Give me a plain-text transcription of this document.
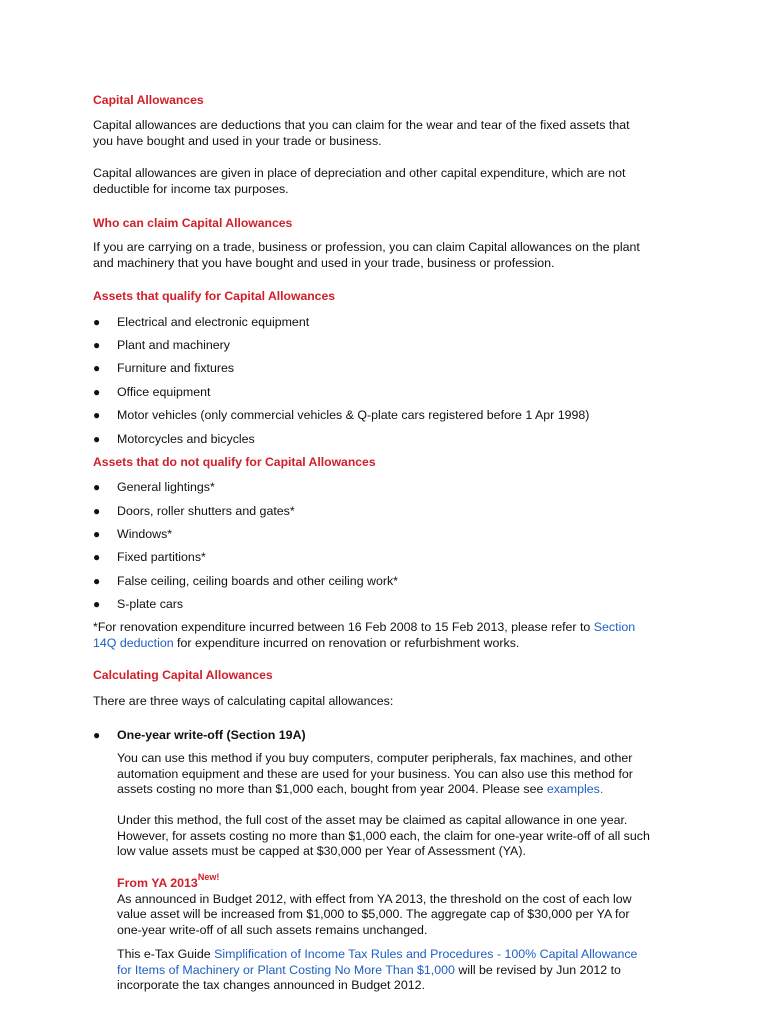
Capital Allowances
Capital allowances are deductions that you can claim for the wear and tear of the fixed assets that
you have bought and used in your trade or business.
Capital allowances are given in place of depreciation and other capital expenditure, which are not
deductible for income tax purposes.
Who can claim Capital Allowances
If you are carrying on a trade, business or profession, you can claim Capital allowances on the plant
and machinery that you have bought and used in your trade, business or profession.
Assets that qualify for Capital Allowances
● Electrical and electronic equipment
● Plant and machinery
● Furniture and fixtures
● Office equipment
● Motor vehicles (only commercial vehicles & Q-plate cars registered before 1 Apr 1998)
● Motorcycles and bicycles
Assets that do not qualify for Capital Allowances
● General lightings*
● Doors, roller shutters and gates*
● Windows*
● Fixed partitions*
● False ceiling, ceiling boards and other ceiling work*
● S-plate cars
*For renovation expenditure incurred between 16 Feb 2008 to 15 Feb 2013, please refer to Section
14Q deduction for expenditure incurred on renovation or refurbishment works.
Calculating Capital Allowances
There are three ways of calculating capital allowances:
● One-year write-off (Section 19A)
You can use this method if you buy computers, computer peripherals, fax machines, and other
automation equipment and these are used for your business. You can also use this method for
assets costing no more than $1,000 each, bought from year 2004. Please see examples.
Under this method, the full cost of the asset may be claimed as capital allowance in one year.
However, for assets costing no more than $1,000 each, the claim for one-year write-off of all such
low value assets must be capped at $30,000 per Year of Assessment (YA).
From YA $2013^{New!}$
As announced in Budget 2012, with effect from YA 2013, the threshold on the cost of each low
value asset will be increased from $1,000 to $5,000. The aggregate cap of $30,000 per YA for
one-year write-off of all such assets remains unchanged.
This e-Tax Guide Simplification of Income Tax Rules and Procedures - 100% Capital Allowance
for Items of Machinery or Plant Costing No More Than $1,000 will be revised by Jun 2012 to
incorporate the tax changes announced in Budget 2012.
